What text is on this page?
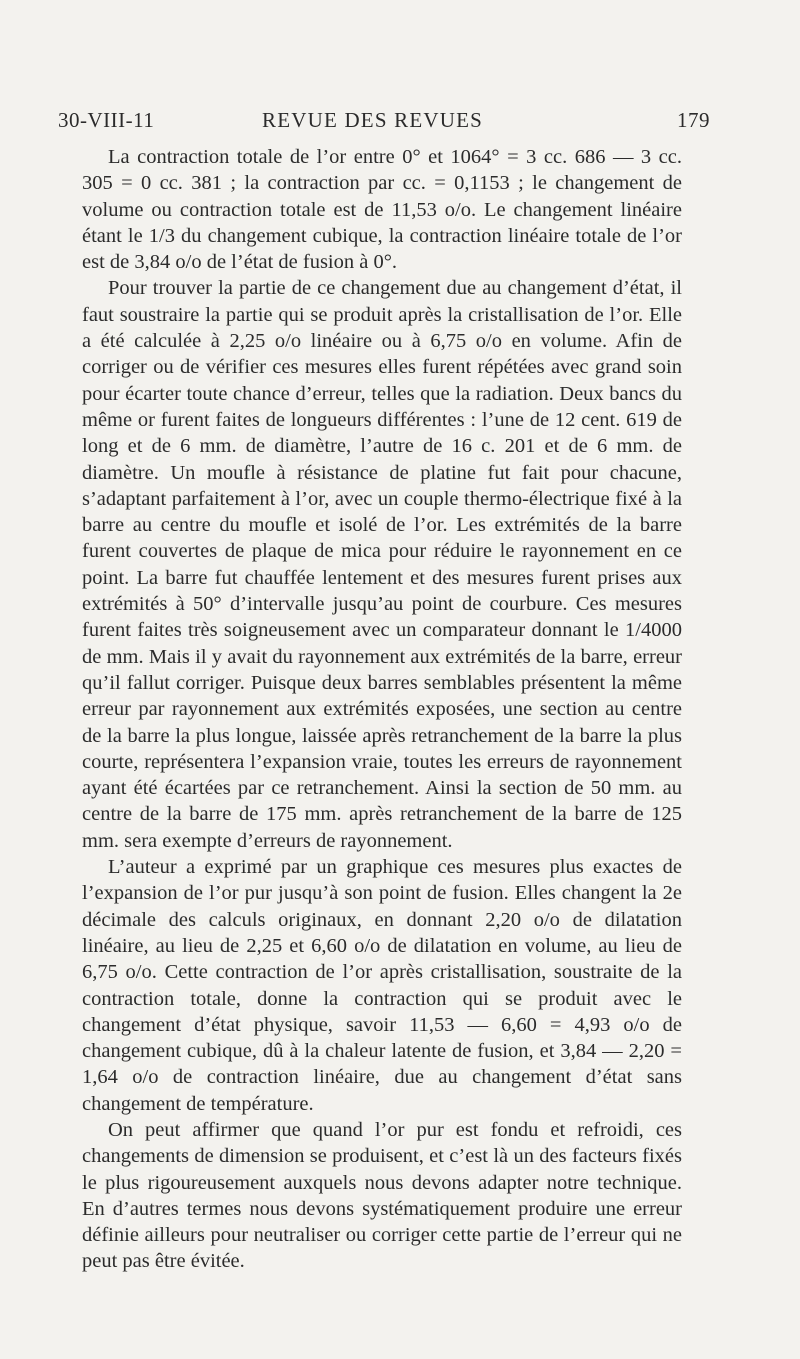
30-VIII-11	REVUE DES REVUES	179

La contraction totale de l’or entre 0° et 1064° = 3 cc. 686 — 3 cc. 305 = 0 cc. 381 ; la contraction par cc. = 0,1153 ; le changement de volume ou contraction totale est de 11,53 o/o. Le changement linéaire étant le 1/3 du changement cubique, la contraction linéaire totale de l’or est de 3,84 o/o de l’état de fusion à 0°.

Pour trouver la partie de ce changement due au changement d’état, il faut soustraire la partie qui se produit après la cristallisation de l’or. Elle a été calculée à 2,25 o/o linéaire ou à 6,75 o/o en volume. Afin de corriger ou de vérifier ces mesures elles furent répétées avec grand soin pour écarter toute chance d’erreur, telles que la radiation. Deux bancs du même or furent faites de longueurs différentes : l’une de 12 cent. 619 de long et de 6 mm. de diamètre, l’autre de 16 c. 201 et de 6 mm. de diamètre. Un moufle à résistance de platine fut fait pour chacune, s’adaptant parfaitement à l’or, avec un couple thermo-électrique fixé à la barre au centre du moufle et isolé de l’or. Les extrémités de la barre furent couvertes de plaque de mica pour réduire le rayonnement en ce point. La barre fut chauffée lentement et des mesures furent prises aux extrémités à 50° d’intervalle jusqu’au point de courbure. Ces mesures furent faites très soigneusement avec un comparateur donnant le 1/4000 de mm. Mais il y avait du rayonnement aux extrémités de la barre, erreur qu’il fallut corriger. Puisque deux barres semblables présentent la même erreur par rayonnement aux extrémités exposées, une section au centre de la barre la plus longue, laissée après retranchement de la barre la plus courte, représentera l’expansion vraie, toutes les erreurs de rayonnement ayant été écartées par ce retranchement. Ainsi la section de 50 mm. au centre de la barre de 175 mm. après retranchement de la barre de 125 mm. sera exempte d’erreurs de rayonnement.

L’auteur a exprimé par un graphique ces mesures plus exactes de l’expansion de l’or pur jusqu’à son point de fusion. Elles changent la 2e décimale des calculs originaux, en donnant 2,20 o/o de dilatation linéaire, au lieu de 2,25 et 6,60 o/o de dilatation en volume, au lieu de 6,75 o/o. Cette contraction de l’or après cristallisation, soustraite de la contraction totale, donne la contraction qui se produit avec le changement d’état physique, savoir 11,53 — 6,60 = 4,93 o/o de changement cubique, dû à la chaleur latente de fusion, et 3,84 — 2,20 = 1,64 o/o de contraction linéaire, due au changement d’état sans changement de température.

On peut affirmer que quand l’or pur est fondu et refroidi, ces changements de dimension se produisent, et c’est là un des facteurs fixés le plus rigoureusement auxquels nous devons adapter notre technique. En d’autres termes nous devons systématiquement produire une erreur définie ailleurs pour neutraliser ou corriger cette partie de l’erreur qui ne peut pas être évitée.
